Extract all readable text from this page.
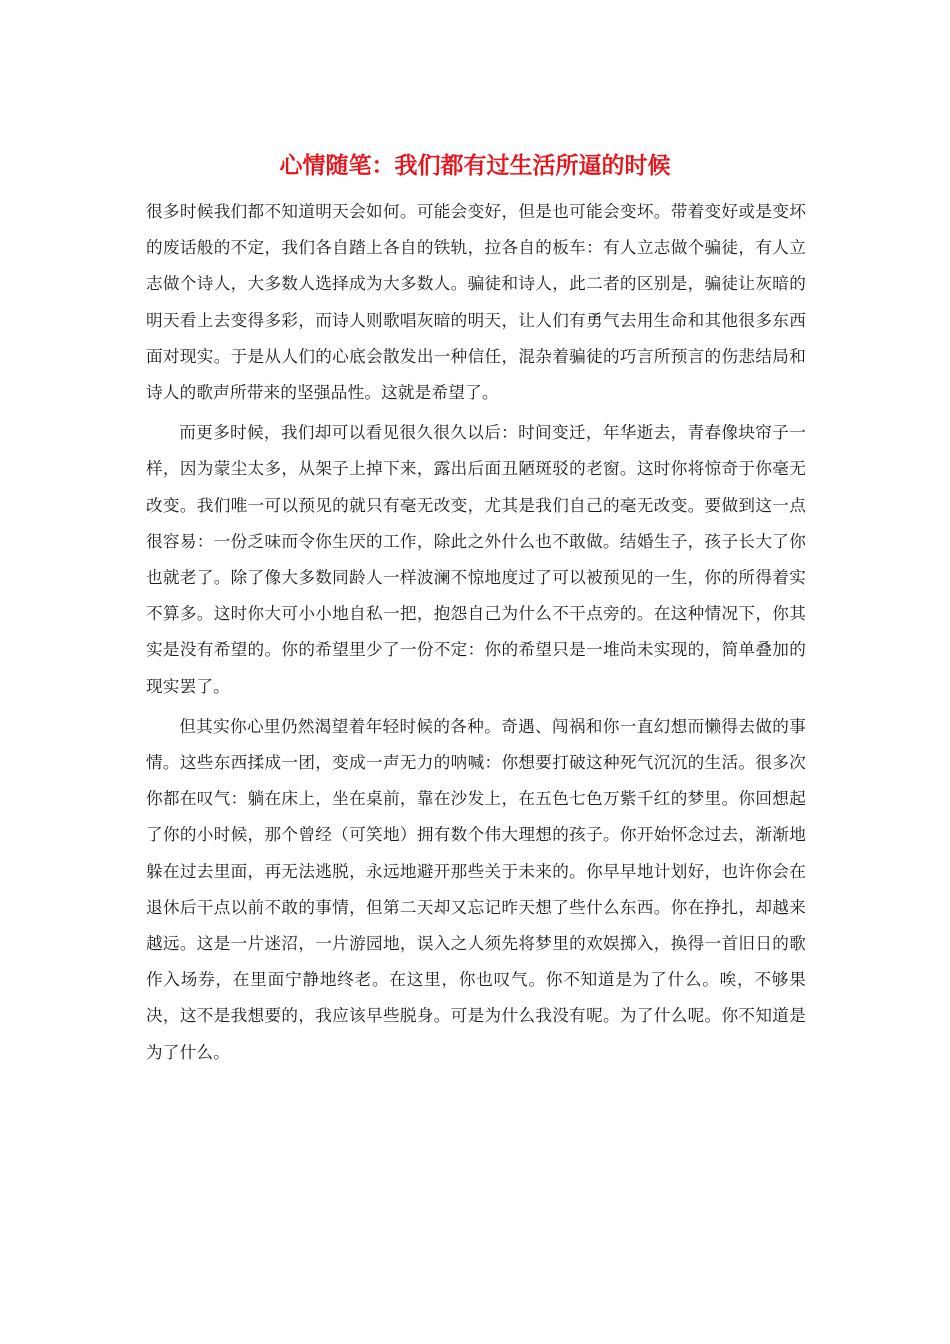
心情随笔：我们都有过生活所逼的时候

很多时候我们都不知道明天会如何。可能会变好，但是也可能会变坏。带着变好或是变坏的废话般的不定，我们各自踏上各自的铁轨，拉各自的板车：有人立志做个骗徒，有人立志做个诗人，大多数人选择成为大多数人。骗徒和诗人，此二者的区别是，骗徒让灰暗的明天看上去变得多彩，而诗人则歌唱灰暗的明天，让人们有勇气去用生命和其他很多东西面对现实。于是从人们的心底会散发出一种信任，混杂着骗徒的巧言所预言的伤悲结局和诗人的歌声所带来的坚强品性。这就是希望了。

而更多时候，我们却可以看见很久很久以后：时间变迁，年华逝去，青春像块帘子一样，因为蒙尘太多，从架子上掉下来，露出后面丑陋斑驳的老窗。这时你将惊奇于你毫无改变。我们唯一可以预见的就只有毫无改变，尤其是我们自己的毫无改变。要做到这一点很容易：一份乏味而令你生厌的工作，除此之外什么也不敢做。结婚生子，孩子长大了你也就老了。除了像大多数同龄人一样波澜不惊地度过了可以被预见的一生，你的所得着实不算多。这时你大可小小地自私一把，抱怨自己为什么不干点旁的。在这种情况下，你其实是没有希望的。你的希望里少了一份不定：你的希望只是一堆尚未实现的，简单叠加的现实罢了。

但其实你心里仍然渴望着年轻时候的各种。奇遇、闯祸和你一直幻想而懒得去做的事情。这些东西揉成一团，变成一声无力的呐喊：你想要打破这种死气沉沉的生活。很多次你都在叹气：躺在床上，坐在桌前，靠在沙发上，在五色七色万紫千红的梦里。你回想起了你的小时候，那个曾经（可笑地）拥有数个伟大理想的孩子。你开始怀念过去，渐渐地躲在过去里面，再无法逃脱，永远地避开那些关于未来的。你早早地计划好，也许你会在退休后干点以前不敢的事情，但第二天却又忘记昨天想了些什么东西。你在挣扎，却越来越远。这是一片迷沼，一片游园地，误入之人须先将梦里的欢娱掷入，换得一首旧日的歌作入场券，在里面宁静地终老。在这里，你也叹气。你不知道是为了什么。唉，不够果决，这不是我想要的，我应该早些脱身。可是为什么我没有呢。为了什么呢。你不知道是为了什么。
